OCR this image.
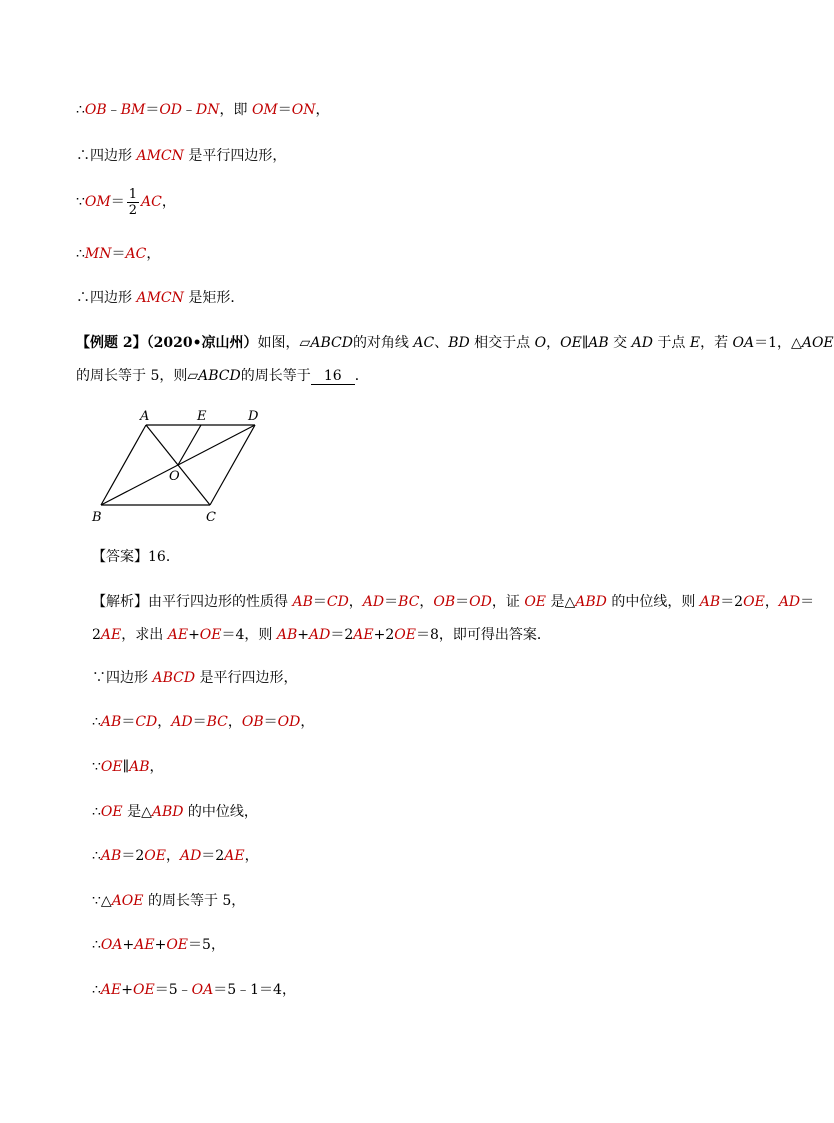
∴OB﹣BM＝OD﹣DN，即 OM＝ON，
∴四边形 AMCN 是平行四边形，
∵OM＝ $\frac{1}{2}$ AC，
∴MN＝AC，
∴四边形 AMCN 是矩形．
【例题 2】（2020•凉山州）如图，▱ABCD的对角线 AC、BD 相交于点 O，OE∥AB 交 AD 于点 E，若 OA＝1，△AOE
的周长等于 5，则▱ABCD的周长等于 16 ．
A	E	D
O
B	C
【答案】16．
【解析】由平行四边形的性质得 AB＝CD，AD＝BC，OB＝OD，证 OE 是△ABD 的中位线，则 AB＝2OE，AD＝
2AE，求出 AE+OE＝4，则 AB+AD＝2AE+2OE＝8，即可得出答案．
∵四边形 ABCD 是平行四边形，
∴AB＝CD，AD＝BC，OB＝OD，
∵OE∥AB，
∴OE 是△ABD 的中位线，
∴AB＝2OE，AD＝2AE，
∵△AOE 的周长等于 5，
∴OA+AE+OE＝5，
∴AE+OE＝5﹣OA＝5﹣1＝4，
